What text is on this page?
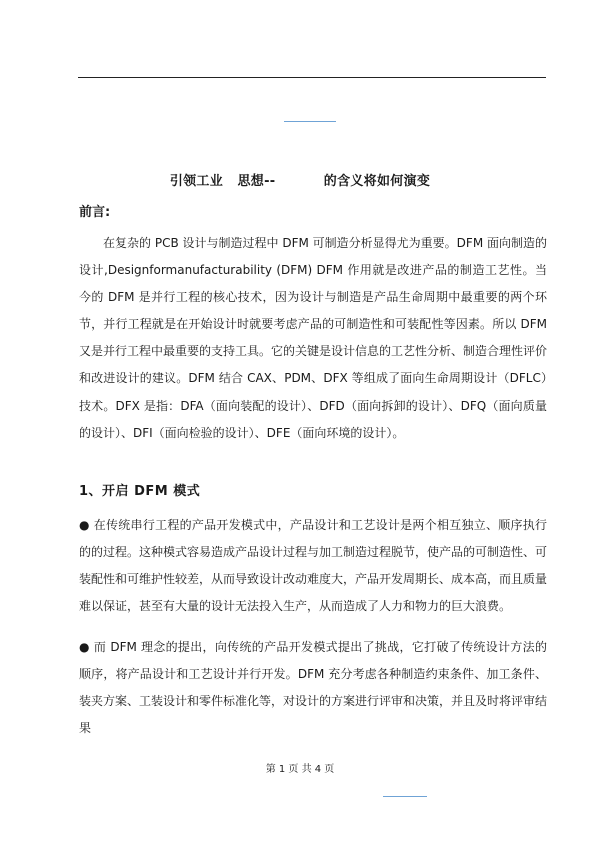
引领工业 思想--	的含义将如何演变
前言:
在复杂的 PCB 设计与制造过程中 DFM 可制造分析显得尤为重要。DFM 面向制造的设计,Designformanufacturability (DFM) DFM 作用就是改进产品的制造工艺性。当今的 DFM 是并行工程的核心技术，因为设计与制造是产品生命周期中最重要的两个环节，并行工程就是在开始设计时就要考虑产品的可制造性和可装配性等因素。所以 DFM 又是并行工程中最重要的支持工具。它的关键是设计信息的工艺性分析、制造合理性评价和改进设计的建议。DFM 结合 CAX、PDM、DFX 等组成了面向生命周期设计（DFLC）技术。DFX 是指：DFA（面向装配的设计）、DFD（面向拆卸的设计）、DFQ（面向质量的设计）、DFI（面向检验的设计）、DFE（面向环境的设计）。
1、开启 DFM 模式
● 在传统串行工程的产品开发模式中，产品设计和工艺设计是两个相互独立、顺序执行的的过程。这种模式容易造成产品设计过程与加工制造过程脱节，使产品的可制造性、可装配性和可维护性较差，从而导致设计改动难度大，产品开发周期长、成本高，而且质量难以保证，甚至有大量的设计无法投入生产，从而造成了人力和物力的巨大浪费。
● 而 DFM 理念的提出，向传统的产品开发模式提出了挑战，它打破了传统设计方法的顺序，将产品设计和工艺设计并行开发。DFM 充分考虑各种制造约束条件、加工条件、装夹方案、工装设计和零件标准化等，对设计的方案进行评审和决策，并且及时将评审结果
第 1 页 共 4 页
